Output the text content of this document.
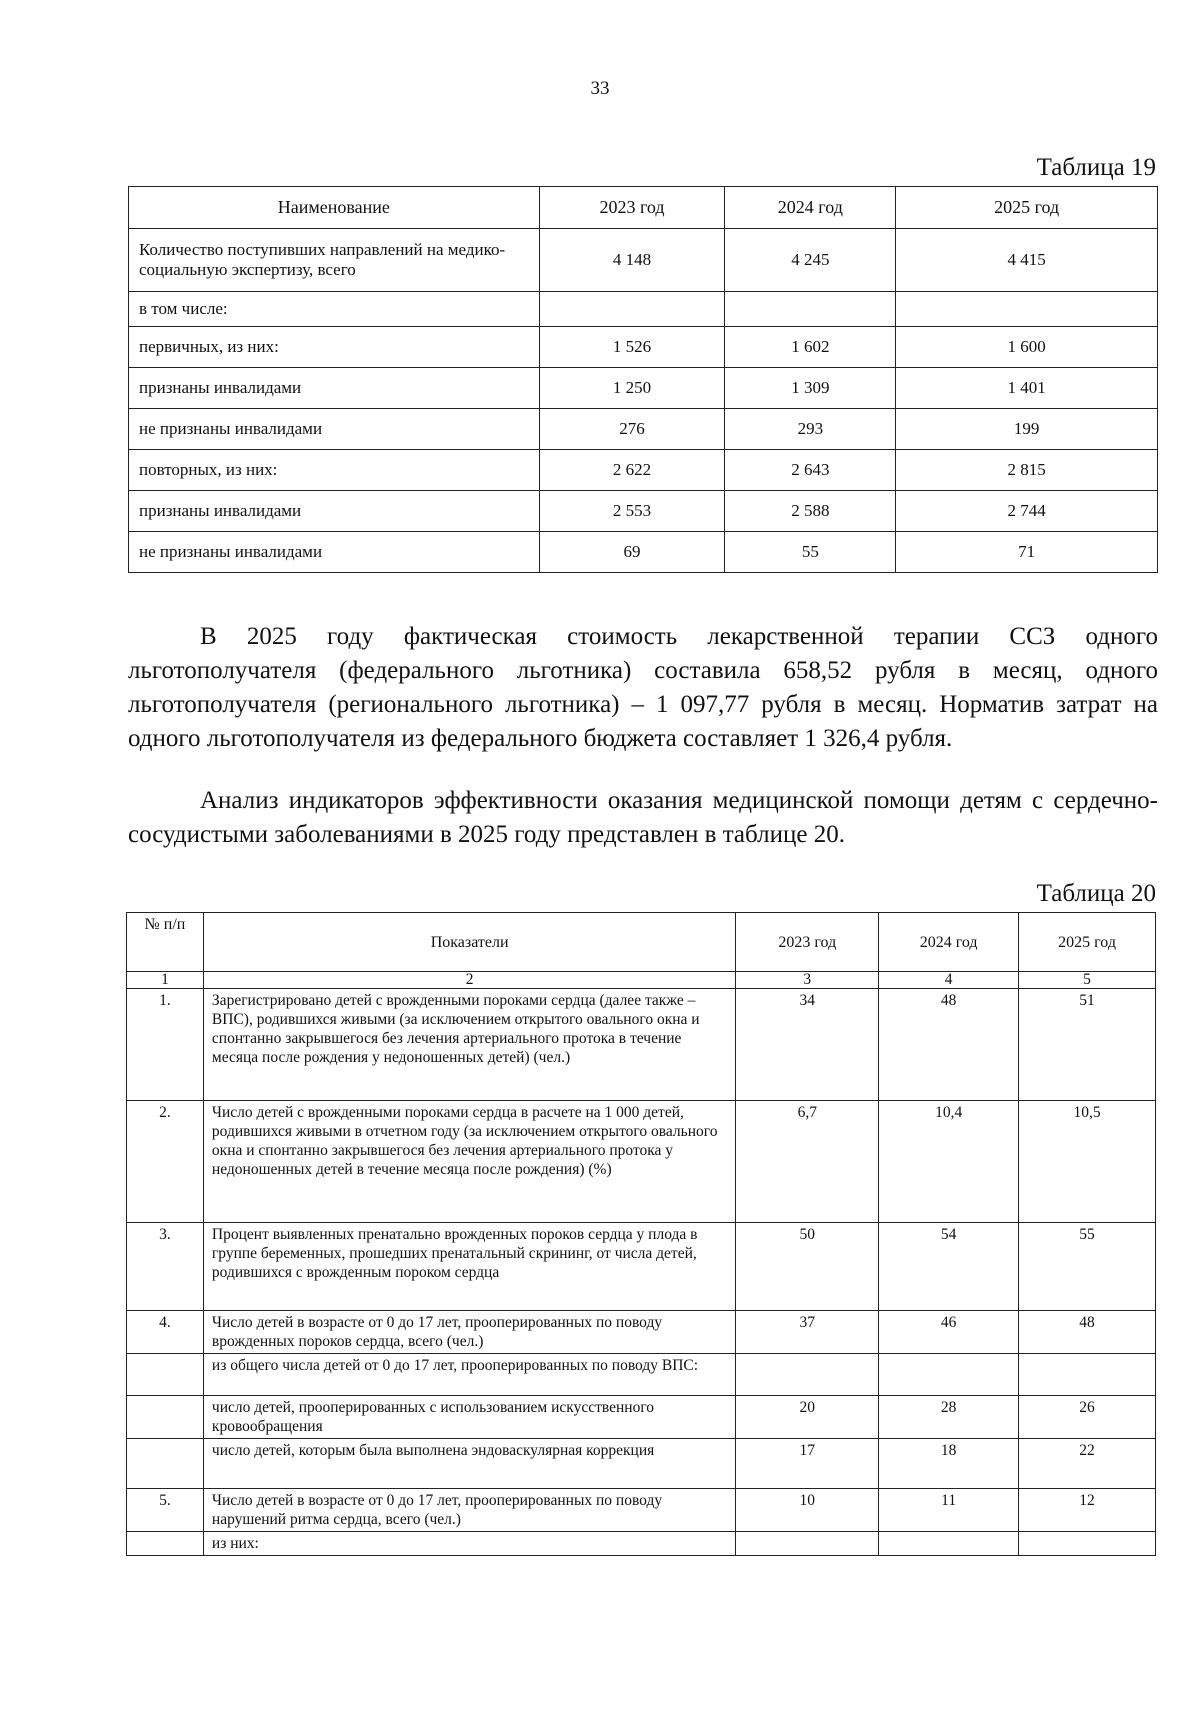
33
Таблица 19
Наименование	2023 год	2024 год	2025 год
Количество поступивших направлений на медико-социальную экспертизу, всего	4 148	4 245	4 415
в том числе:			
первичных, из них:	1 526	1 602	1 600
признаны инвалидами	1 250	1 309	1 401
не признаны инвалидами	276	293	199
повторных, из них:	2 622	2 643	2 815
признаны инвалидами	2 553	2 588	2 744
не признаны инвалидами	69	55	71
В 2025 году фактическая стоимость лекарственной терапии ССЗ одного льготополучателя (федерального льготника) составила 658,52 рубля в месяц, одного льготополучателя (регионального льготника) – 1 097,77 рубля в месяц. Норматив затрат на одного льготополучателя из федерального бюджета составляет 1 326,4 рубля.
Анализ индикаторов эффективности оказания медицинской помощи детям с сердечно-сосудистыми заболеваниями в 2025 году представлен в таблице 20.
Таблица 20
№ п/п	Показатели	2023 год	2024 год	2025 год
1	2	3	4	5
1.	Зарегистрировано детей с врожденными пороками сердца (далее также – ВПС), родившихся живыми (за исключением открытого овального окна и спонтанно закрывшегося без лечения артериального протока в течение месяца после рождения у недоношенных детей) (чел.)	34	48	51
2.	Число детей с врожденными пороками сердца в расчете на 1 000 детей, родившихся живыми в отчетном году (за исключением открытого овального окна и спонтанно закрывшегося без лечения артериального протока у недоношенных детей в течение месяца после рождения) (%)	6,7	10,4	10,5
3.	Процент выявленных пренатально врожденных пороков сердца у плода в группе беременных, прошедших пренатальный скрининг, от числа детей, родившихся с врожденным пороком сердца	50	54	55
4.	Число детей в возрасте от 0 до 17 лет, прооперированных по поводу врожденных пороков сердца, всего (чел.)	37	46	48
	из общего числа детей от 0 до 17 лет, прооперированных по поводу ВПС:			
	число детей, прооперированных с использованием искусственного кровообращения	20	28	26
	число детей, которым была выполнена эндоваскулярная коррекция	17	18	22
5.	Число детей в возрасте от 0 до 17 лет, прооперированных по поводу нарушений ритма сердца, всего (чел.)	10	11	12
	из них:			
